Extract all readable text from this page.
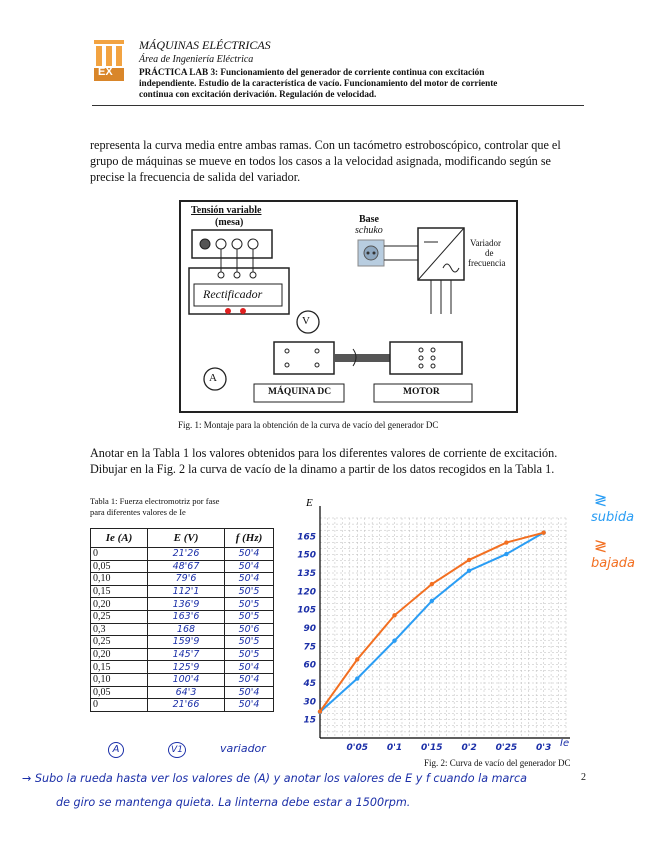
EX
MÁQUINAS ELÉCTRICAS
Área de Ingeniería Eléctrica
PRÁCTICA LAB 3: Funcionamiento del generador de corriente continua con excitación
independiente. Estudio de la característica de vacío. Funcionamiento del motor de corriente
continua con excitación derivación. Regulación de velocidad.
representa la curva media entre ambas ramas. Con un tacómetro estroboscópico, controlar que el
grupo de máquinas se mueve en todos los casos a la velocidad asignada, modificando según se
precise la frecuencia de salida del variador.
Tensión variable
(mesa)	Base
schuko
Variador
de
frecuencia
Rectificador
V
A
MÁQUINA DC	MOTOR
Fig. 1: Montaje para la obtención de la curva de vacío del generador DC
Anotar en la Tabla 1 los valores obtenidos para los diferentes valores de corriente de excitación.
Dibujar en la Fig. 2 la curva de vacío de la dinamo a partir de los datos recogidos en la Tabla 1.
Tabla 1: Fuerza electromotriz por fase
para diferentes valores de Ie
Ie (A)	E (V)	f (Hz)
0	21'26	50'4
0,05	48'67	50'4
0,10	79'6	50'4
0,15	112'1	50'5
0,20	136'9	50'5
0,25	163'6	50'5
0,3	168	50'6
0,25	159'9	50'5
0,20	145'7	50'5
0,15	125'9	50'4
0,10	100'4	50'4
0,05	64'3	50'4
0	21'66	50'4
A	V1	variador
165
150
135
120
105
90
75
60
45
30
15
0'05 0'1 0'15 0'2 0'25 0'3
E
Ie
≷
subida
≷
bajada
Fig. 2: Curva de vacío del generador DC
2
→ Subo la rueda hasta ver los valores de (A) y anotar los valores de E y f cuando la marca
de giro se mantenga quieta. La linterna debe estar a 1500rpm.
